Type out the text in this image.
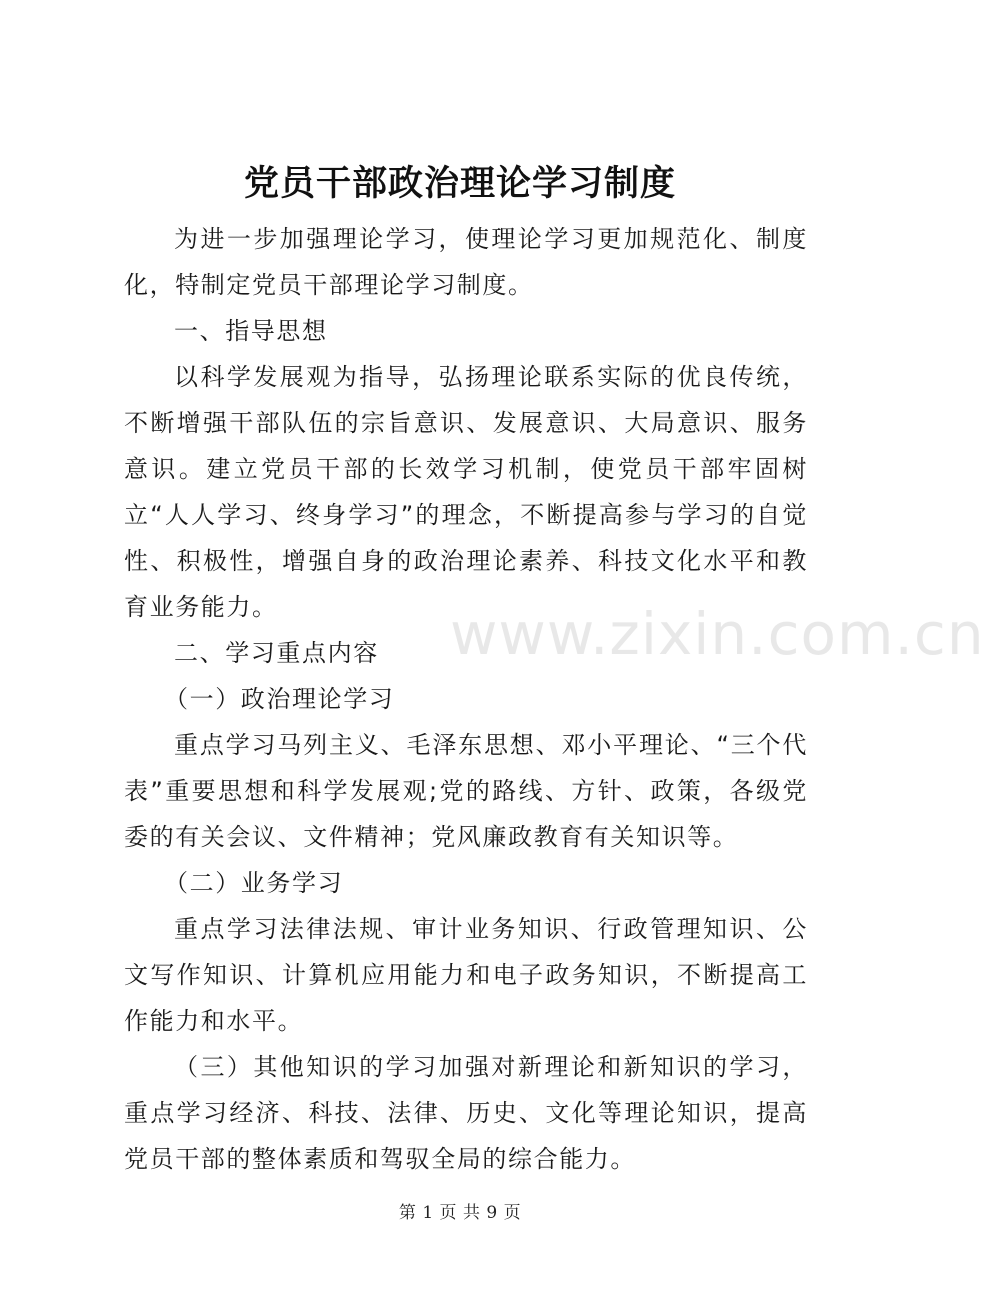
党员干部政治理论学习制度

为进一步加强理论学习，使理论学习更加规范化、制度化，特制定党员干部理论学习制度。

一、指导思想

以科学发展观为指导，弘扬理论联系实际的优良传统，不断增强干部队伍的宗旨意识、发展意识、大局意识、服务意识。建立党员干部的长效学习机制，使党员干部牢固树立“人人学习、终身学习”的理念，不断提高参与学习的自觉性、积极性，增强自身的政治理论素养、科技文化水平和教育业务能力。

二、学习重点内容

（一）政治理论学习

重点学习马列主义、毛泽东思想、邓小平理论、“三个代表”重要思想和科学发展观;党的路线、方针、政策，各级党委的有关会议、文件精神；党风廉政教育有关知识等。

（二）业务学习

重点学习法律法规、审计业务知识、行政管理知识、公文写作知识、计算机应用能力和电子政务知识，不断提高工作能力和水平。

（三）其他知识的学习加强对新理论和新知识的学习，重点学习经济、科技、法律、历史、文化等理论知识，提高党员干部的整体素质和驾驭全局的综合能力。

www.zixin.com.cn
第 1 页 共 9 页
